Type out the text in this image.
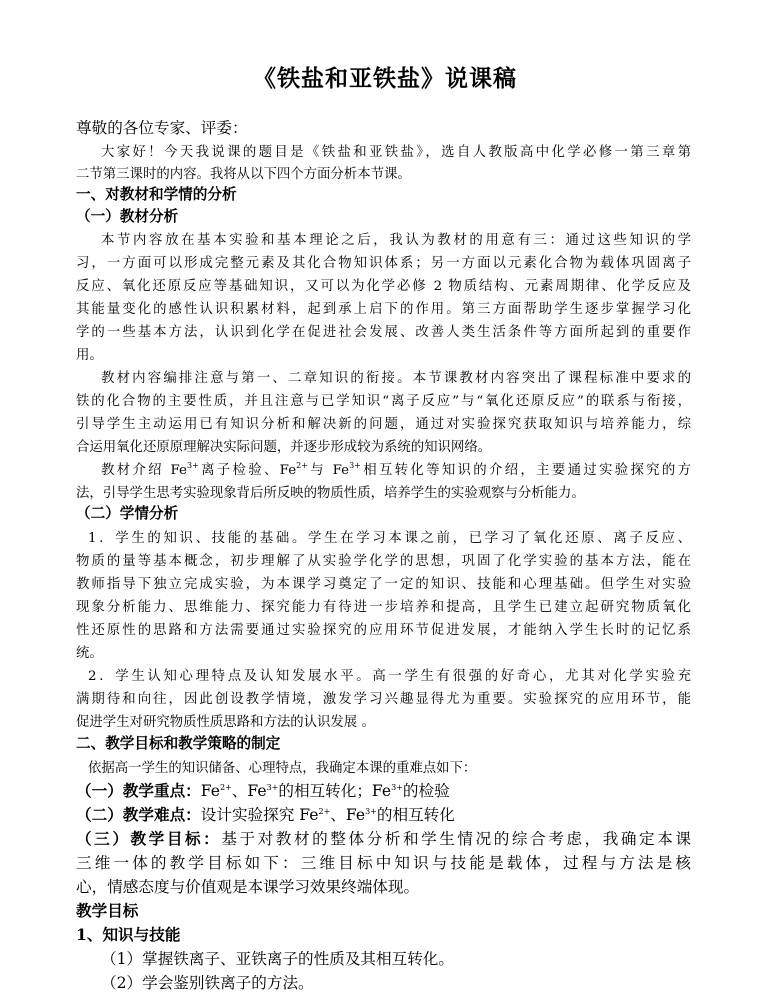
《铁盐和亚铁盐》说课稿
尊敬的各位专家、评委：
大家好！今天我说课的题目是《铁盐和亚铁盐》，选自人教版高中化学必修一第三章第
二节第三课时的内容。我将从以下四个方面分析本节课。
一、对教材和学情的分析
（一）教材分析
本节内容放在基本实验和基本理论之后，我认为教材的用意有三：通过这些知识的学
习，一方面可以形成完整元素及其化合物知识体系；另一方面以元素化合物为载体巩固离子
反应、氧化还原反应等基础知识，又可以为化学必修 2 物质结构、元素周期律、化学反应及
其能量变化的感性认识积累材料，起到承上启下的作用。第三方面帮助学生逐步掌握学习化
学的一些基本方法，认识到化学在促进社会发展、改善人类生活条件等方面所起到的重要作
用。
教材内容编排注意与第一、二章知识的衔接。本节课教材内容突出了课程标准中要求的
铁的化合物的主要性质，并且注意与已学知识“离子反应”与“氧化还原反应”的联系与衔接，
引导学生主动运用已有知识分析和解决新的问题，通过对实验探究获取知识与培养能力，综
合运用氧化还原原理解决实际问题，并逐步形成较为系统的知识网络。
教材介绍 $Fe^{3+}$离子检验、$Fe^{2+}$与 $Fe^{3+}$相互转化等知识的介绍，主要通过实验探究的方
法，引导学生思考实验现象背后所反映的物质性质，培养学生的实验观察与分析能力。
（二）学情分析
1．学生的知识、技能的基础。学生在学习本课之前，已学习了氧化还原、离子反应、
物质的量等基本概念，初步理解了从实验学化学的思想，巩固了化学实验的基本方法，能在
教师指导下独立完成实验，为本课学习奠定了一定的知识、技能和心理基础。但学生对实验
现象分析能力、思维能力、探究能力有待进一步培养和提高，且学生已建立起研究物质氧化
性还原性的思路和方法需要通过实验探究的应用环节促进发展，才能纳入学生长时的记忆系
统。
2．学生认知心理特点及认知发展水平。高一学生有很强的好奇心，尤其对化学实验充
满期待和向往，因此创设教学情境，激发学习兴趣显得尤为重要。实验探究的应用环节，能
促进学生对研究物质性质思路和方法的认识发展 。
二、教学目标和教学策略的制定
依据高一学生的知识储备、心理特点，我确定本课的重难点如下：
（一）教学重点：$Fe^{2+}$、$Fe^{3+}$的相互转化；$Fe^{3+}$的检验
（二）教学难点：设计实验探究 $Fe^{2+}$、$Fe^{3+}$的相互转化
（三）教学目标：基于对教材的整体分析和学生情况的综合考虑，我确定本课
三维一体的教学目标如下：三维目标中知识与技能是载体，过程与方法是核
心，情感态度与价值观是本课学习效果终端体现。
教学目标
1、知识与技能
（1）掌握铁离子、亚铁离子的性质及其相互转化。
（2）学会鉴别铁离子的方法。
